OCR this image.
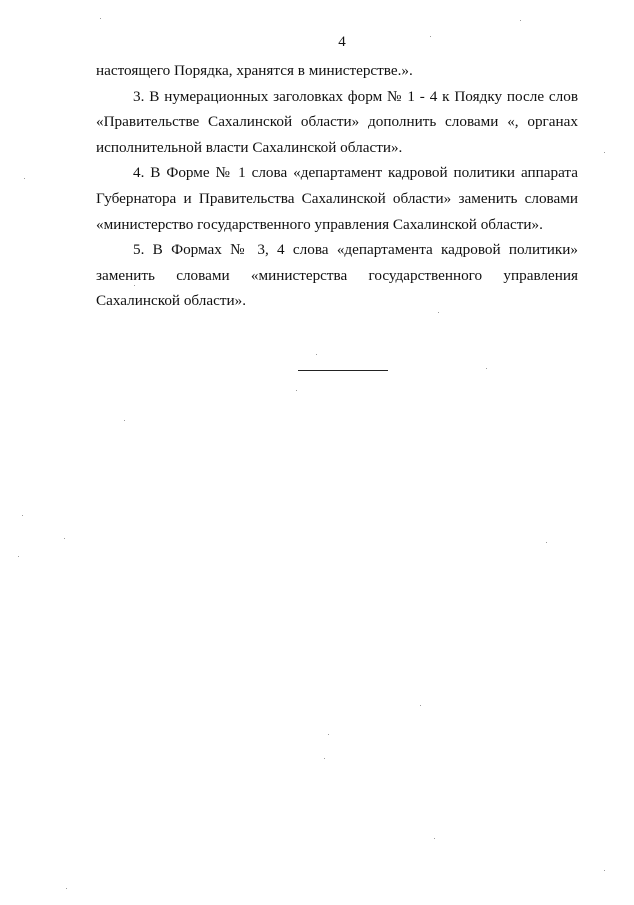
4

настоящего Порядка, хранятся в министерстве.».

3. В нумерационных заголовках форм № 1 - 4 к Поядку после слов «Правительстве Сахалинской области» дополнить словами «, органах исполнительной власти Сахалинской области».

4. В Форме № 1 слова «департамент кадровой политики аппарата Губернатора и Правительства Сахалинской области» заменить словами «министерство государственного управления Сахалинской области».

5. В Формах № 3, 4 слова «департамента кадровой политики» заменить словами «министерства государственного управления Сахалинской области».
